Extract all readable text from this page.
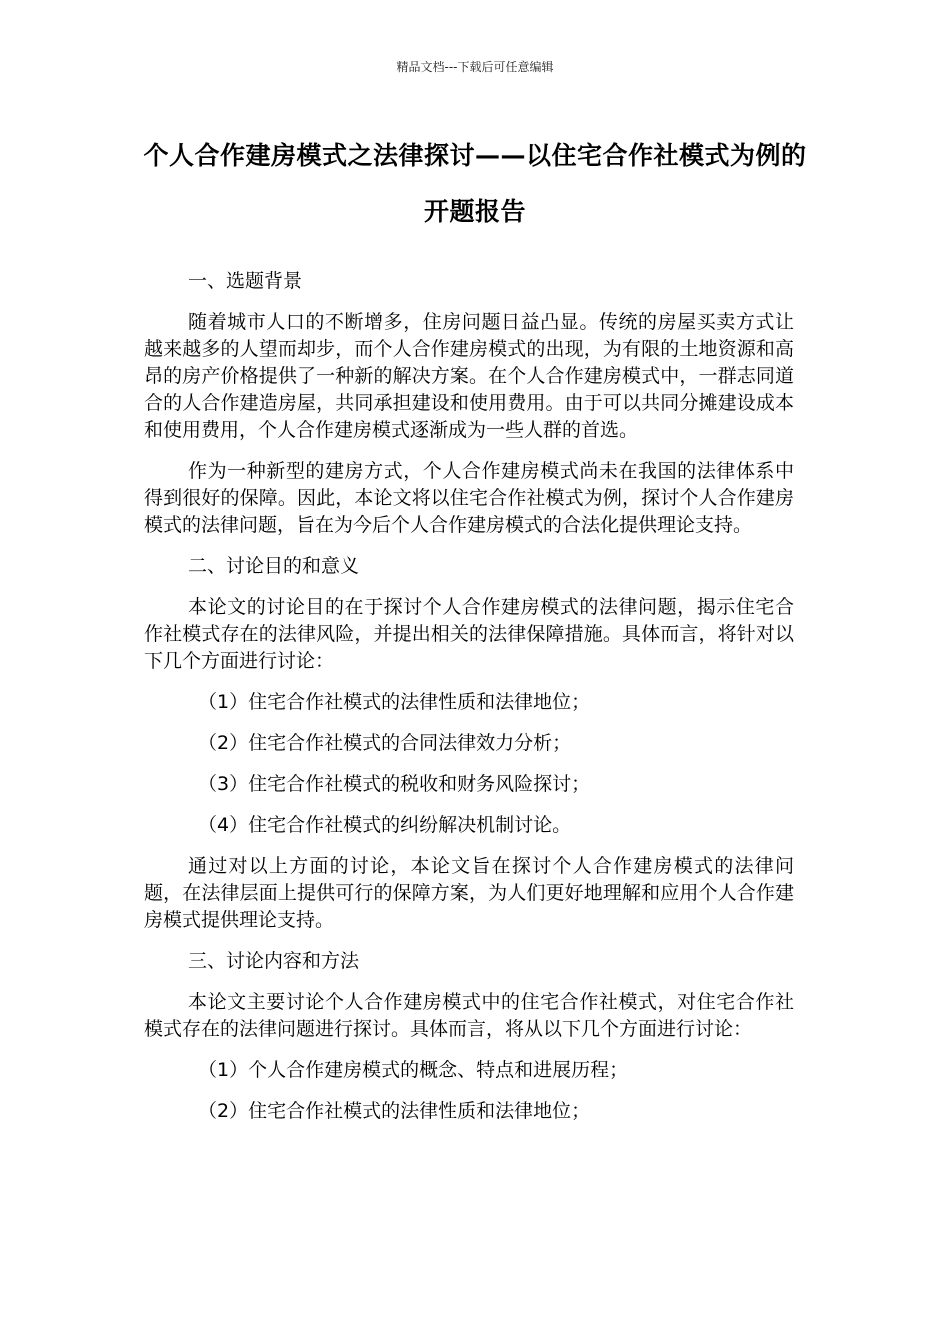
精品文档---下载后可任意编辑
个人合作建房模式之法律探讨——以住宅合作社模式为例的开题报告

一、选题背景

随着城市人口的不断增多，住房问题日益凸显。传统的房屋买卖方式让越来越多的人望而却步，而个人合作建房模式的出现，为有限的土地资源和高昂的房产价格提供了一种新的解决方案。在个人合作建房模式中，一群志同道合的人合作建造房屋，共同承担建设和使用费用。由于可以共同分摊建设成本和使用费用，个人合作建房模式逐渐成为一些人群的首选。

作为一种新型的建房方式，个人合作建房模式尚未在我国的法律体系中得到很好的保障。因此，本论文将以住宅合作社模式为例，探讨个人合作建房模式的法律问题，旨在为今后个人合作建房模式的合法化提供理论支持。

二、讨论目的和意义

本论文的讨论目的在于探讨个人合作建房模式的法律问题，揭示住宅合作社模式存在的法律风险，并提出相关的法律保障措施。具体而言，将针对以下几个方面进行讨论：

（1）住宅合作社模式的法律性质和法律地位；

（2）住宅合作社模式的合同法律效力分析；

（3）住宅合作社模式的税收和财务风险探讨；

（4）住宅合作社模式的纠纷解决机制讨论。

通过对以上方面的讨论，本论文旨在探讨个人合作建房模式的法律问题，在法律层面上提供可行的保障方案，为人们更好地理解和应用个人合作建房模式提供理论支持。

三、讨论内容和方法

本论文主要讨论个人合作建房模式中的住宅合作社模式，对住宅合作社模式存在的法律问题进行探讨。具体而言，将从以下几个方面进行讨论：

（1）个人合作建房模式的概念、特点和进展历程；

（2）住宅合作社模式的法律性质和法律地位；
